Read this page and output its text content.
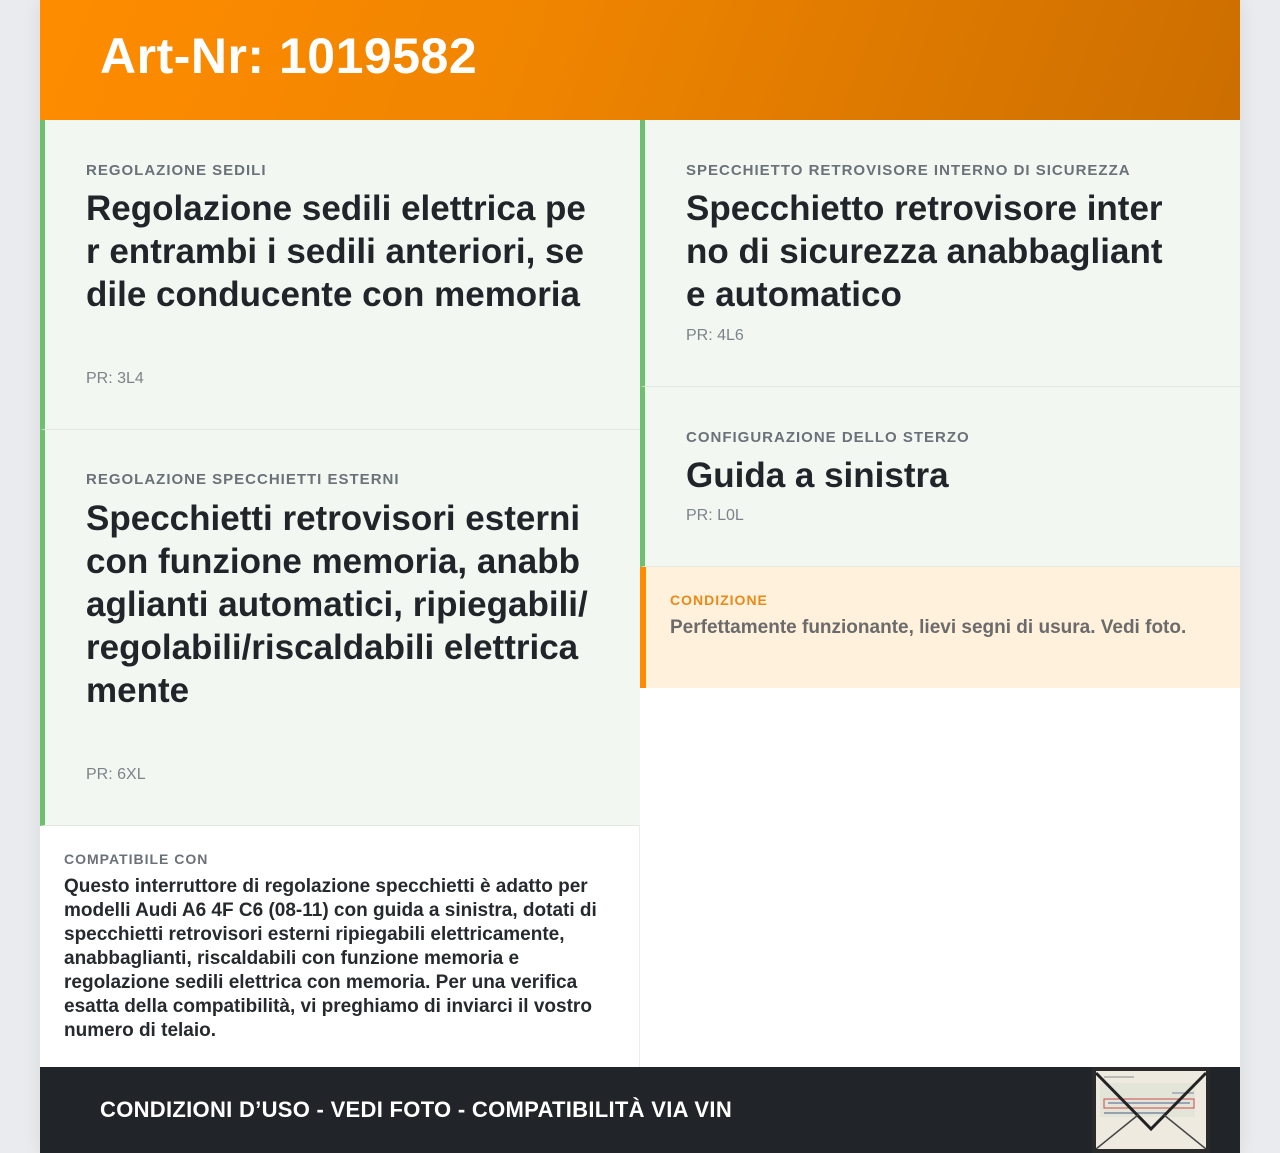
Art-Nr: 1019582

REGOLAZIONE SEDILI

Regolazione sedili elettrica per entrambi i sedili anteriori, sedile conducente con memoria

PR: 3L4

REGOLAZIONE SPECCHIETTI ESTERNI

Specchietti retrovisori esterni con funzione memoria, anabbaglianti automatici, ripiegabili/regolabili/riscaldabili elettricamente

PR: 6XL

SPECCHIETTO RETROVISORE INTERNO DI SICUREZZA

Specchietto retrovisore interno di sicurezza anabbagliante automatico

PR: 4L6

CONFIGURAZIONE DELLO STERZO

Guida a sinistra

PR: L0L

CONDIZIONE

Perfettamente funzionante, lievi segni di usura. Vedi foto.

COMPATIBILE CON

Questo interruttore di regolazione specchietti è adatto per modelli Audi A6 4F C6 (08-11) con guida a sinistra, dotati di specchietti retrovisori esterni ripiegabili elettricamente, anabbaglianti, riscaldabili con funzione memoria e regolazione sedili elettrica con memoria. Per una verifica esatta della compatibilità, vi preghiamo di inviarci il vostro numero di telaio.

CONDIZIONI D’USO - VEDI FOTO - COMPATIBILITÀ VIA VIN
